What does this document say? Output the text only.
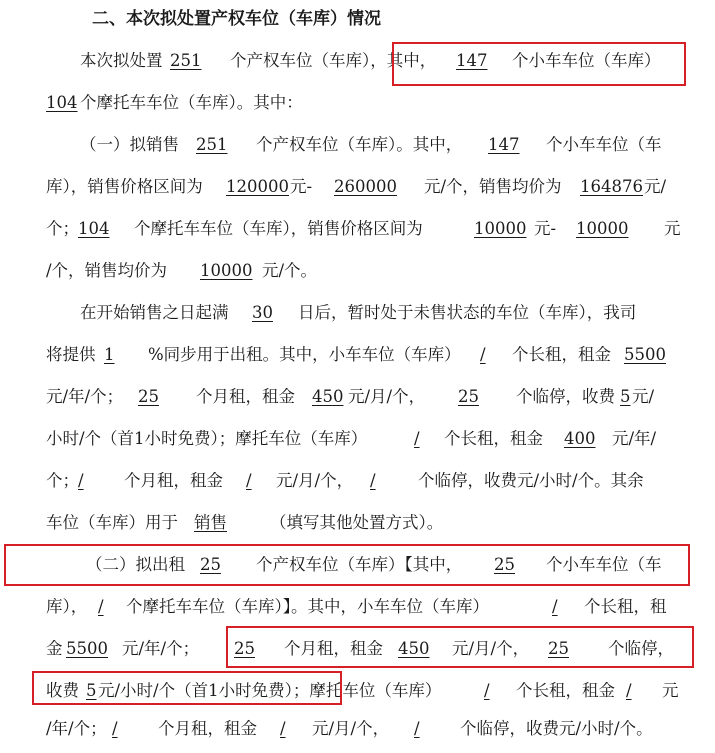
二、本次拟处置产权车位（车库）情况
本次拟处置 251 个产权车位（车库），其中， 147 个小车车位（车库）
104 个摩托车车位（车库）。其中：
（一）拟销售 251 个产权车位（车库）。其中， 147 个小车车位（车
库），销售价格区间为 120000 元- 260000 元/个，销售均价为 164876 元/
个； 104 个摩托车车位（车库），销售价格区间为	10000 元- 10000 元
/个，销售均价为 10000 元/个。
在开始销售之日起满 30 日后，暂时处于未售状态的车位（车库），我司
将提供 1 %同步用于出租。其中，小车车位（车库） / 个长租，租金 5500
元/年/个； 25 个月租，租金 450 元/月/个， 25 个临停，收费 5 元/
小时/个（首1小时免费）；摩托车位（车库）	/ 个长租，租金 400 元/年/
个； / 个月租，租金 / 元/月/个， /	个临停，收费元/小时/个。其余
车位（车库）用于 销售	（填写其他处置方式）。
（二）拟出租 25 个产权车位（车库）【其中， 25 个小车车位（车
库）， / 个摩托车车位（车库）】。其中，小车车位（车库）	/ 个长租，租
金 5500 元/年/个； 25 个月租，租金 450 元/月/个， 25 个临停，
收费 5 元/小时/个（首1小时免费）；摩托车位（车库）	/ 个长租，租金 / 元
/年/个； / 个月租，租金 / 元/月/个， / 个临停，收费元/小时/个。
